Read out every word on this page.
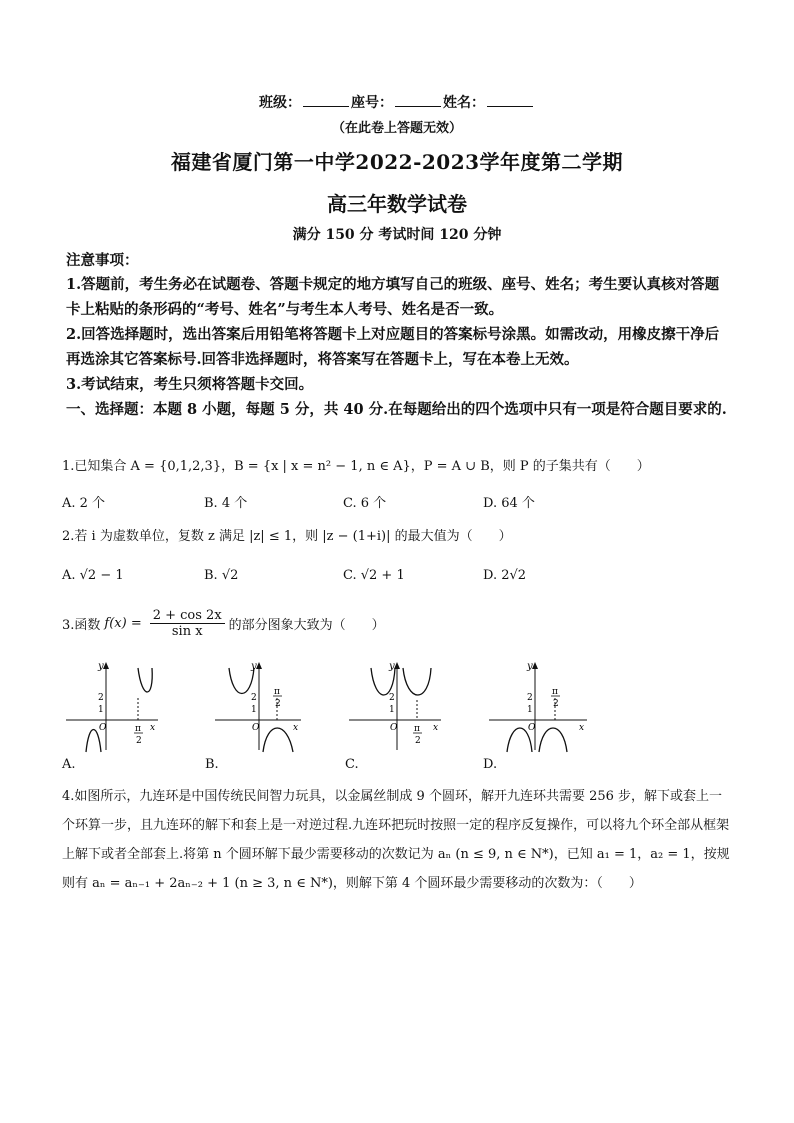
班级：	座号：	姓名：
（在此卷上答题无效）
福建省厦门第一中学2022-2023学年度第二学期
高三年数学试卷
满分 150 分 考试时间 120 分钟
注意事项：
1.答题前，考生务必在试题卷、答题卡规定的地方填写自己的班级、座号、姓名；考生要认真核对答题卡上粘贴的条形码的“考号、姓名”与考生本人考号、姓名是否一致。
2.回答选择题时，选出答案后用铅笔将答题卡上对应题目的答案标号涂黑。如需改动，用橡皮擦干净后再选涂其它答案标号.回答非选择题时，将答案写在答题卡上，写在本卷上无效。
3.考试结束，考生只须将答题卡交回。
一、选择题：本题 8 小题，每题 5 分，共 40 分.在每题给出的四个选项中只有一项是符合题目要求的.
1.已知集合 A = {0,1,2,3}，B = {x | x = n² − 1, n ∈ A}，P = A ∪ B，则 P 的子集共有（　　）
A. 2 个	B. 4 个	C. 6 个	D. 64 个
2.若 i 为虚数单位，复数 z 满足 |z| ≤ 1，则 |z − (1+i)| 的最大值为（　　）
A. √2 − 1	B. √2	C. √2 + 1	D. 2√2
3.函数 $f(x) = \frac{2 + \cos 2x}{\text{sin x}}$ 的部分图象大致为（　　）
y
2
1
O	π
2
x
A.
y
2
1
O
π
2
x
B.
y
2
1
O π
2
x
C.
y
2
1
O
π
2
x
D.
4.如图所示，九连环是中国传统民间智力玩具，以金属丝制成 9 个圆环，解开九连环共需要 256 步，解下或套上一个环算一步，且九连环的解下和套上是一对逆过程.九连环把玩时按照一定的程序反复操作，可以将九个环全部从框架上解下或者全部套上.将第 n 个圆环解下最少需要移动的次数记为 aₙ (n ≤ 9, n ∈ N*)，已知 a₁ = 1，a₂ = 1，按规则有 aₙ = aₙ₋₁ + 2aₙ₋₂ + 1 (n ≥ 3, n ∈ N*)，则解下第 4 个圆环最少需要移动的次数为：（　　）
